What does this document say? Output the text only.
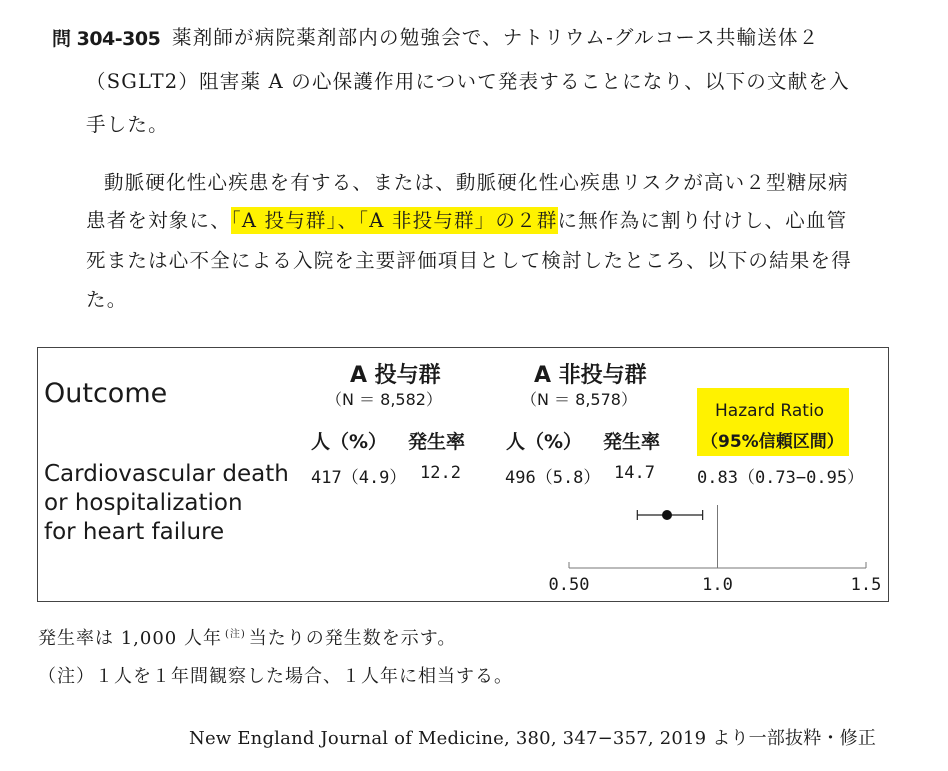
問 304-305 薬剤師が病院薬剤部内の勉強会で、ナトリウム-グルコース共輸送体２
（SGLT2）阻害薬 A の心保護作用について発表することになり、以下の文献を入
手した。
動脈硬化性心疾患を有する、または、動脈硬化性心疾患リスクが高い２型糖尿病
患者を対象に、「A 投与群」、「A 非投与群」の２群に無作為に割り付けし、心血管
死または心不全による入院を主要評価項目として検討したところ、以下の結果を得
た。
Outcome
A 投与群
（N ＝ 8,582）
A 非投与群
（N ＝ 8,578）
Hazard Ratio
（95%信頼区間）
人（%） 発生率 人（%） 発生率
Cardiovascular death
or hospitalization
for heart failure
417（4.9） 12.2	496（5.8） 14.7 0.83（0.73−0.95）
0.50	1.0	1.5
発生率は 1,000 人年 $^{(注)}$ 当たりの発生数を示す。
（注）１人を１年間観察した場合、１人年に相当する。
New England Journal of Medicine, 380, 347−357, 2019 より一部抜粋・修正
